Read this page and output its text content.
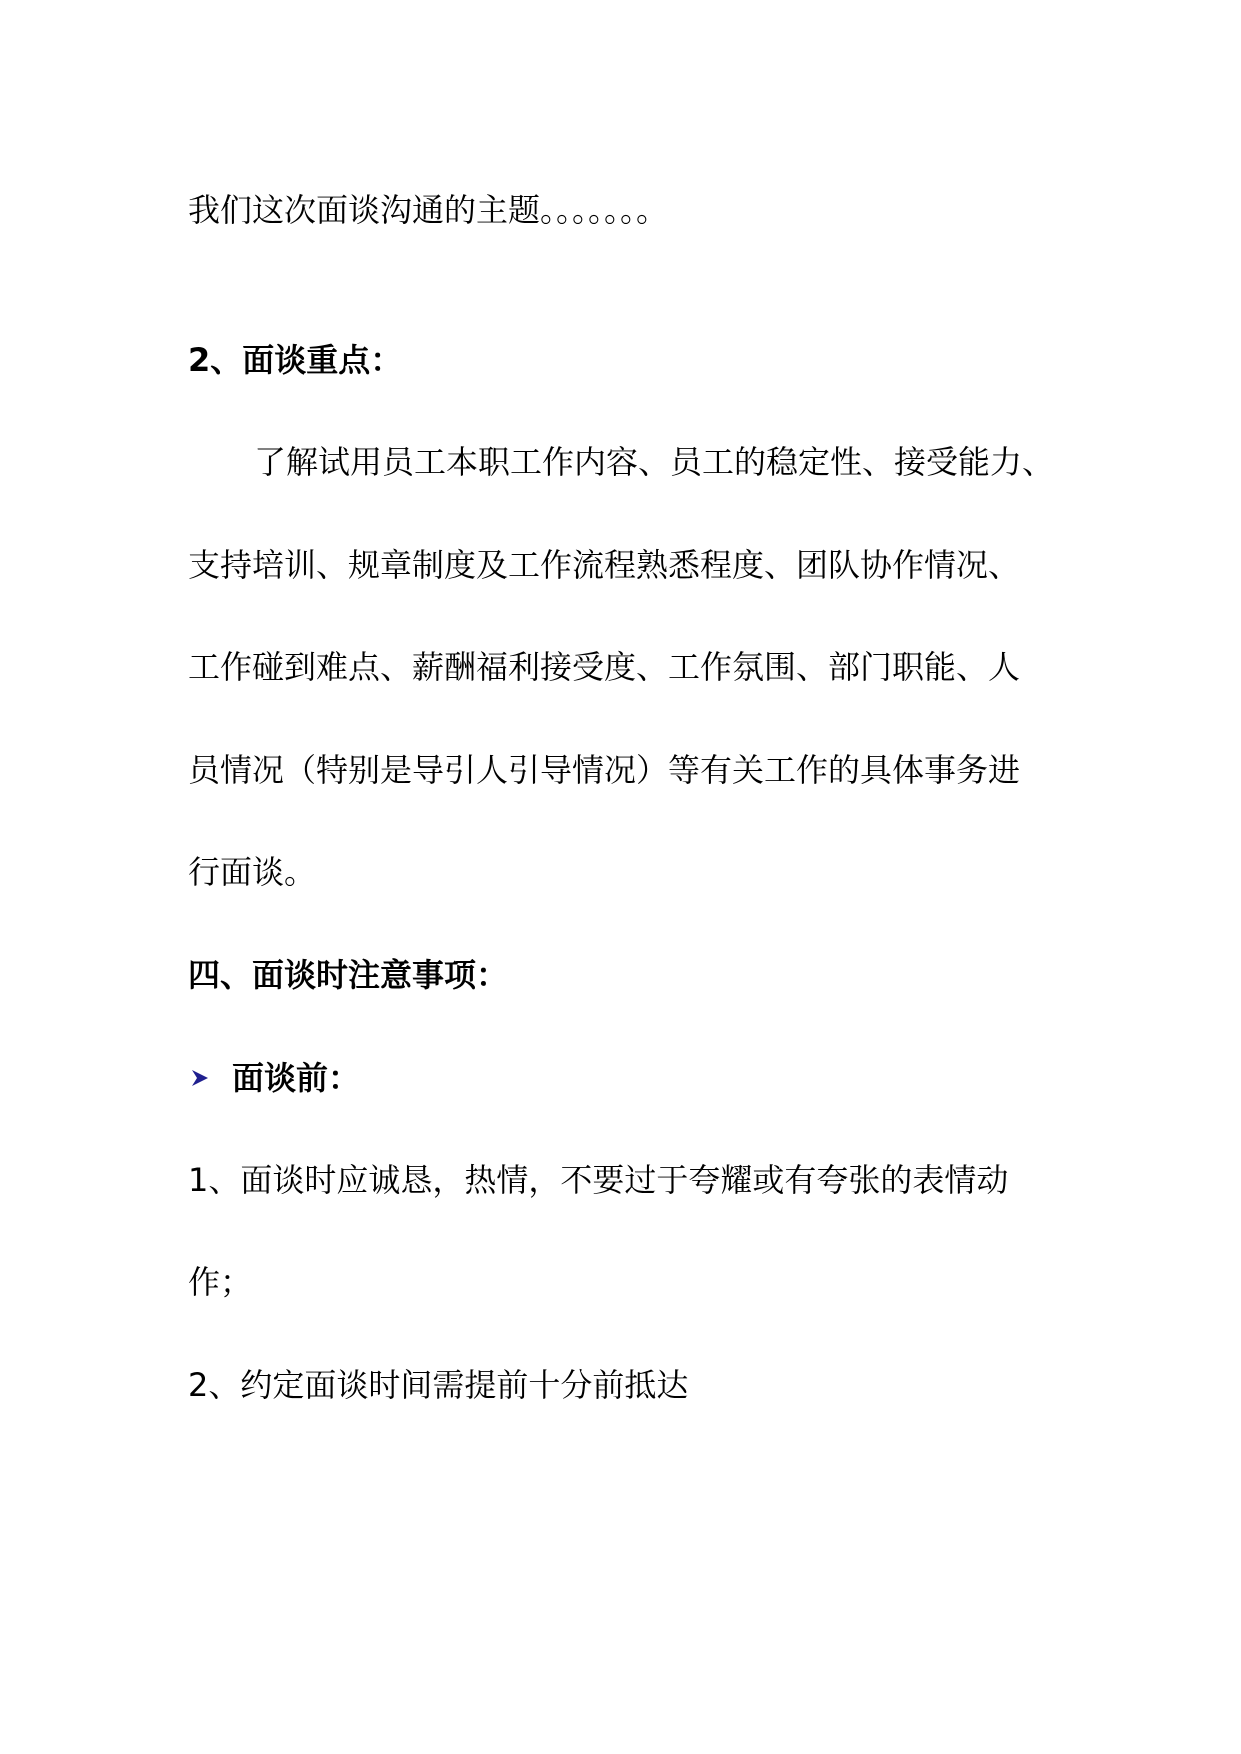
我们这次面谈沟通的主题。。。。。。。

2、面谈重点：

了解试用员工本职工作内容、员工的稳定性、接受能力、

支持培训、规章制度及工作流程熟悉程度、团队协作情况、

工作碰到难点、薪酬福利接受度、工作氛围、部门职能、人

员情况（特别是导引人引导情况）等有关工作的具体事务进

行面谈。

四、面谈时注意事项：
面谈前：

1、面谈时应诚恳，热情，不要过于夸耀或有夸张的表情动

作；

2、约定面谈时间需提前十分前抵达
